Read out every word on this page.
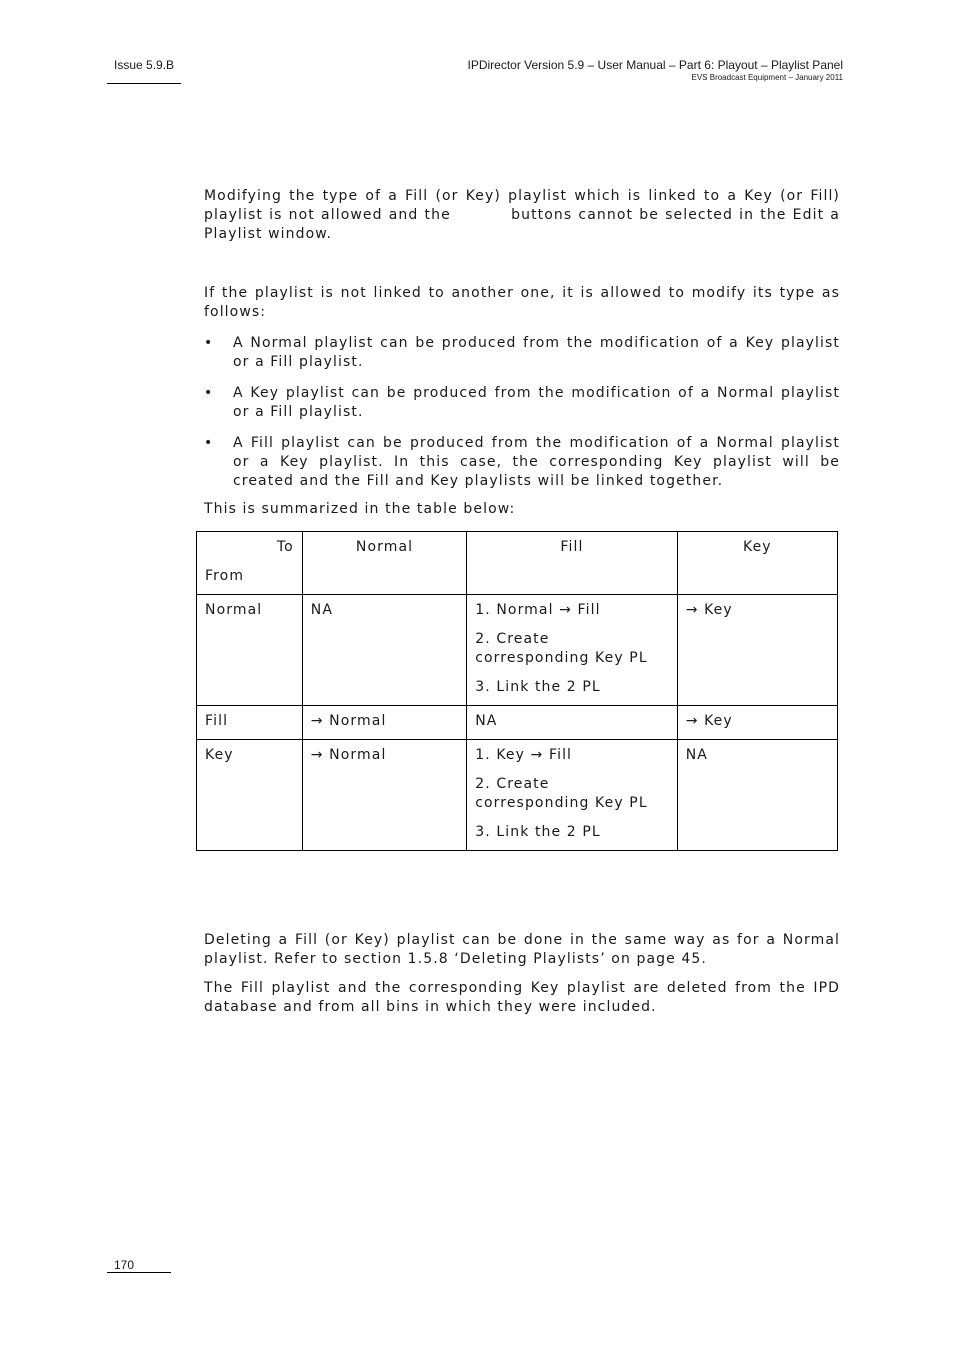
Issue 5.9.B	IPDirector Version 5.9 – User Manual – Part 6: Playout – Playlist Panel
EVS Broadcast Equipment – January 2011

Modifying the type of a Fill (or Key) playlist which is linked to a Key (or Fill) playlist is not allowed and the	buttons cannot be selected in the Edit a Playlist window.

If the playlist is not linked to another one, it is allowed to modify its type as follows:

• A Normal playlist can be produced from the modification of a Key playlist or a Fill playlist.
• A Key playlist can be produced from the modification of a Normal playlist or a Fill playlist.
• A Fill playlist can be produced from the modification of a Normal playlist or a Key playlist. In this case, the corresponding Key playlist will be created and the Fill and Key playlists will be linked together.

This is summarized in the table below:

To

From	Normal	Fill	Key
Normal	NA	1. Normal → Fill

2. Create corresponding Key PL

3. Link the 2 PL	→ Key

Fill	→ Normal	NA	→ Key

Key	→ Normal	1. Key → Fill

2. Create corresponding Key PL

3. Link the 2 PL	NA

Deleting a Fill (or Key) playlist can be done in the same way as for a Normal playlist. Refer to section 1.5.8 ‘Deleting Playlists’ on page 45.

The Fill playlist and the corresponding Key playlist are deleted from the IPD database and from all bins in which they were included.

170
